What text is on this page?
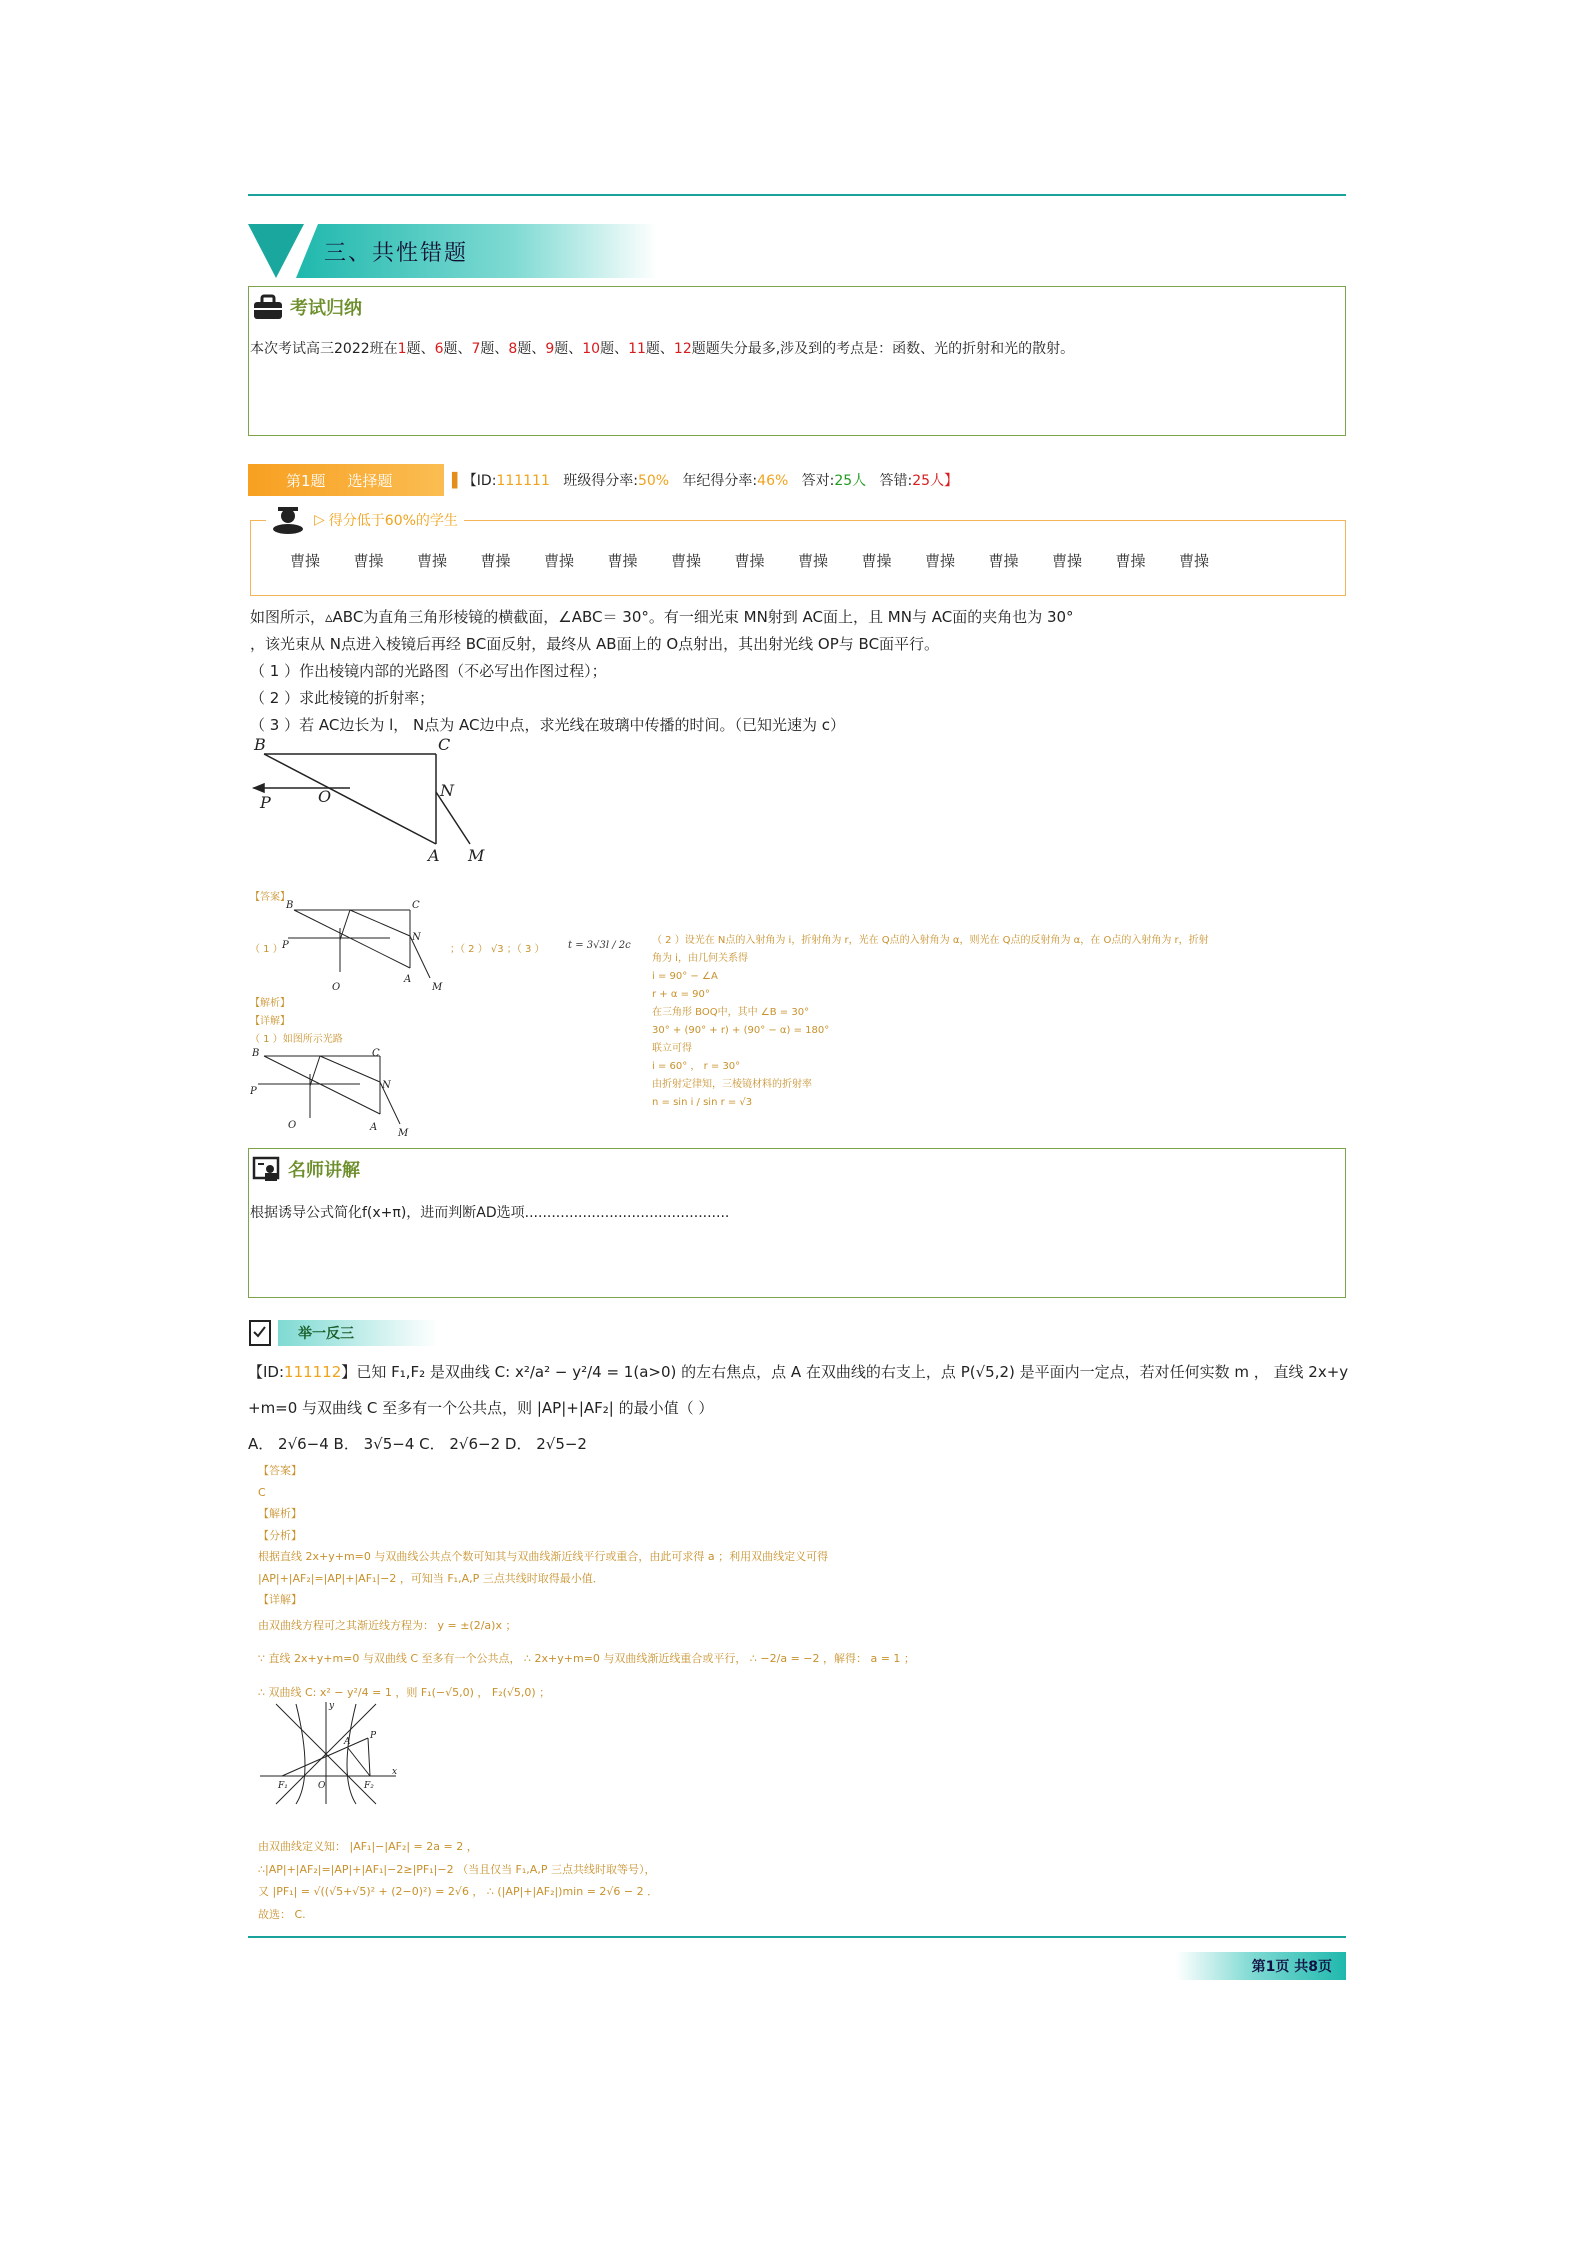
三、共性错题
考试归纳
本次考试高三2022班在1题、6题、7题、8题、9题、10题、11题、12题题失分最多,涉及到的考点是：函数、光的折射和光的散射。
第1题 选择题	▌【ID:111111 班级得分率:50% 年纪得分率:46% 答对:25人 答错:25人】
▷ 得分低于60%的学生
曹操	曹操	曹操	曹操	曹操	曹操	曹操	曹操	曹操	曹操	曹操	曹操	曹操	曹操	曹操
如图所示，▵ABC为直角三角形棱镜的横截面，∠ABC＝ 30°。有一细光束 MN射到 AC面上，且 MN与 AC面的夹角也为 30°
，该光束从 N点进入棱镜后再经 BC面反射，最终从 AB面上的 O点射出，其出射光线 OP与 BC面平行。
（ 1 ）作出棱镜内部的光路图（不必写出作图过程）；
（ 2 ）求此棱镜的折射率；
（ 3 ）若 AC边长为 l， N点为 AC边中点，求光线在玻璃中传播的时间。（已知光速为 c）
B	C
N
O
P
A M
【答案】
（ 1 ）
B	C
N
O
P
A
M
；（ 2 ） √3 ；（ 3 ） t = 3√3l / 2c
【解析】
【详解】
（ 1 ）如图所示光路
B	C
N
O
P
A
M
（ 2 ）设光在 N点的入射角为 i，折射角为 r，光在 Q点的入射角为 α，则光在 Q点的反射角为 α，在 O点的入射角为 r，折射
角为 i，由几何关系得
i = 90° − ∠A
r + α = 90°
在三角形 BOQ中，其中 ∠B = 30°
30° + (90° + r) + (90° − α) = 180°
联立可得
i = 60° ， r = 30°
由折射定律知，三棱镜材料的折射率
n = sin i / sin r = √3
名师讲解
根据诱导公式简化f(x+π)，进而判断AD选项..............................................
举一反三
【ID:111112】已知 F₁,F₂ 是双曲线 C: x²/a² − y²/4 = 1(a>0) 的左右焦点，点 A 在双曲线的右支上，点 P(√5,2) 是平面内一定点，若对任何实数 m ， 直线 2x+y
+m=0 与双曲线 C 至多有一个公共点，则 |AP|+|AF₂| 的最小值（ ）
A． 2√6−4 B． 3√5−4 C． 2√6−2 D． 2√5−2
【答案】
C
【解析】
【分析】
根据直线 2x+y+m=0 与双曲线公共点个数可知其与双曲线渐近线平行或重合，由此可求得 a ；利用双曲线定义可得
|AP|+|AF₂|=|AP|+|AF₁|−2 ，可知当 F₁,A,P 三点共线时取得最小值．
【详解】
由双曲线方程可之其渐近线方程为： y = ±(2/a)x ；
∵ 直线 2x+y+m=0 与双曲线 C 至多有一个公共点， ∴ 2x+y+m=0 与双曲线渐近线重合或平行， ∴ −2/a = −2 ，解得： a = 1 ；
∴ 双曲线 C: x² − y²/4 = 1 ，则 F₁(−√5,0) ， F₂(√5,0) ；
y
A
P
x
F₁	O	F₂
由双曲线定义知： |AF₁|−|AF₂| = 2a = 2 ，
∴|AP|+|AF₂|=|AP|+|AF₁|−2≥|PF₁|−2 （当且仅当 F₁,A,P 三点共线时取等号），
又 |PF₁| = √((√5+√5)² + (2−0)²) = 2√6 ， ∴ (|AP|+|AF₂|)min = 2√6 − 2 ．
故选： C.
第1页 共8页
